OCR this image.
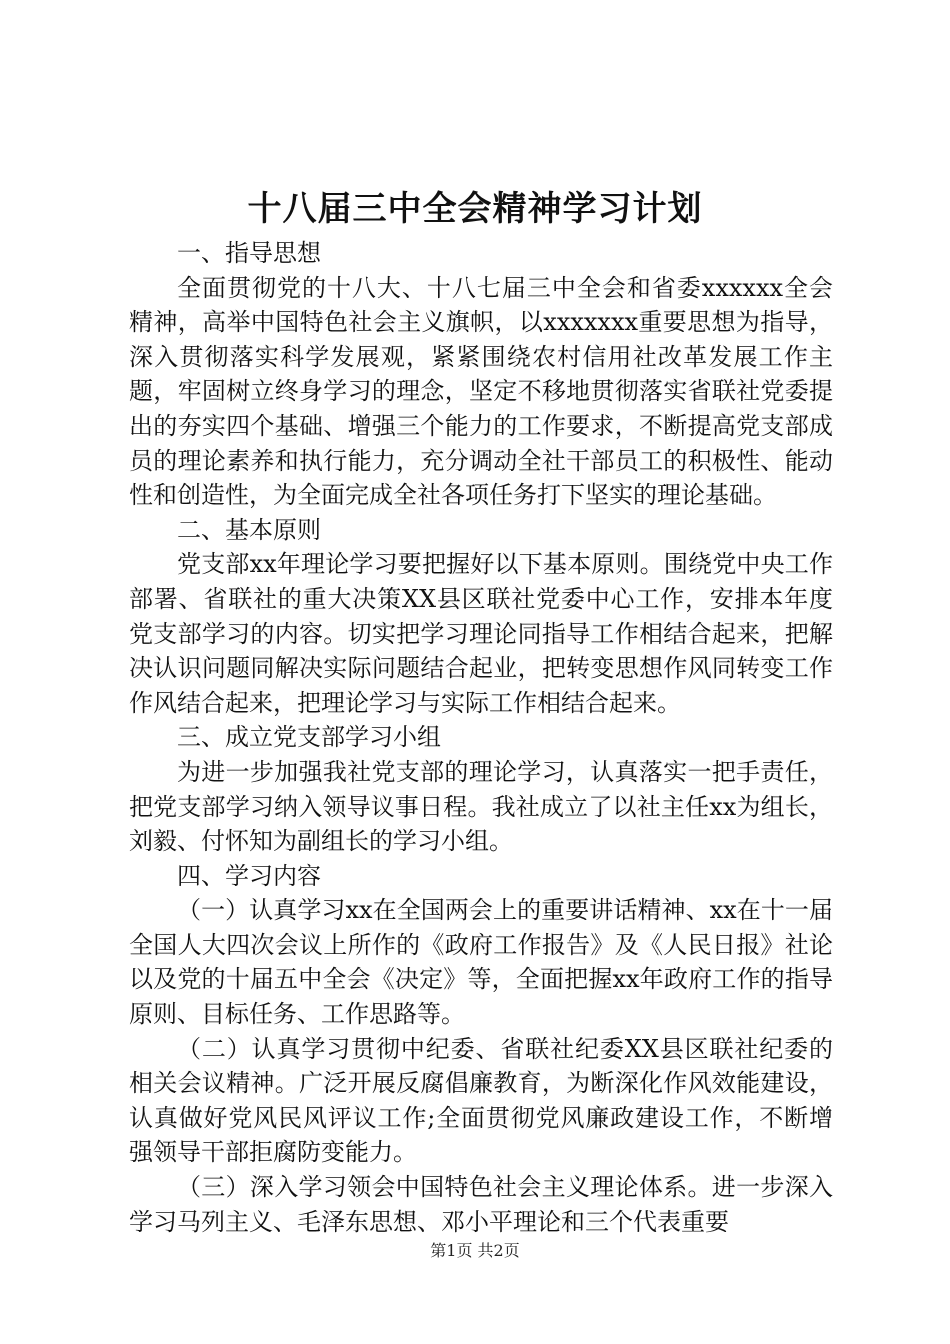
十八届三中全会精神学习计划

一、指导思想

全面贯彻党的十八大、十八七届三中全会和省委xxxxxx全会精神，高举中国特色社会主义旗帜，以xxxxxxx重要思想为指导，深入贯彻落实科学发展观，紧紧围绕农村信用社改革发展工作主题，牢固树立终身学习的理念，坚定不移地贯彻落实省联社党委提出的夯实四个基础、增强三个能力的工作要求，不断提高党支部成员的理论素养和执行能力，充分调动全社干部员工的积极性、能动性和创造性，为全面完成全社各项任务打下坚实的理论基础。

二、基本原则

党支部xx年理论学习要把握好以下基本原则。围绕党中央工作部署、省联社的重大决策XX县区联社党委中心工作，安排本年度党支部学习的内容。切实把学习理论同指导工作相结合起来，把解决认识问题同解决实际问题结合起业，把转变思想作风同转变工作作风结合起来，把理论学习与实际工作相结合起来。

三、成立党支部学习小组

为进一步加强我社党支部的理论学习，认真落实一把手责任，把党支部学习纳入领导议事日程。我社成立了以社主任xx为组长，刘毅、付怀知为副组长的学习小组。

四、学习内容

（一）认真学习xx在全国两会上的重要讲话精神、xx在十一届全国人大四次会议上所作的《政府工作报告》及《人民日报》社论以及党的十届五中全会《决定》等，全面把握xx年政府工作的指导原则、目标任务、工作思路等。

（二）认真学习贯彻中纪委、省联社纪委XX县区联社纪委的相关会议精神。广泛开展反腐倡廉教育，为断深化作风效能建设，认真做好党风民风评议工作;全面贯彻党风廉政建设工作，不断增强领导干部拒腐防变能力。

（三）深入学习领会中国特色社会主义理论体系。进一步深入学习马列主义、毛泽东思想、邓小平理论和三个代表重要

第1页 共2页
